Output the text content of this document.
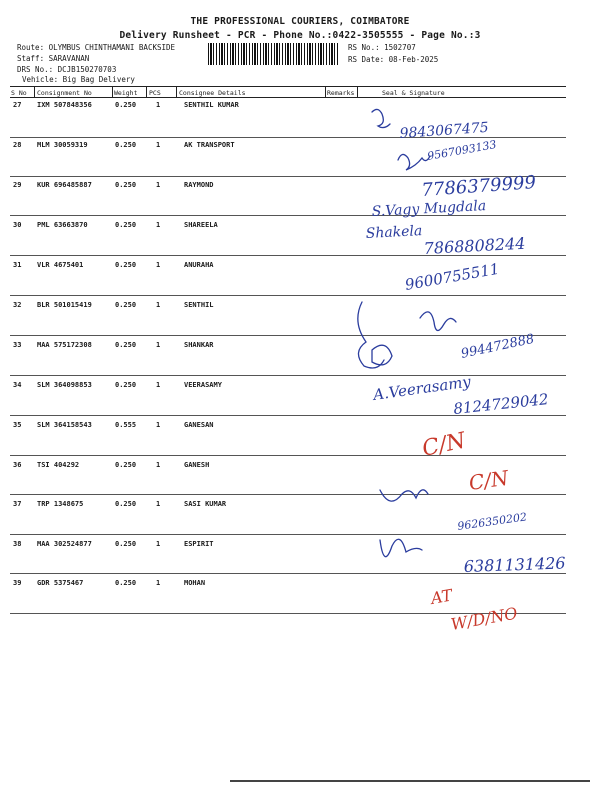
THE PROFESSIONAL COURIERS, COIMBATORE
Delivery Runsheet - PCR - Phone No.:0422-3505555 - Page No.:3
Route: OLYMBUS CHINTHAMANI BACKSIDE
Staff: SARAVANAN
DRS No.: DCJB150270703
Vehicle: Big Bag Delivery
RS No.: 1502707
RS Date: 08-Feb-2025
S No Consignment No	Weight PCS	Consignee Details	Remarks	Seal & Signature
27 IXM 507848356	0.250	1	SENTHIL KUMAR
28 MLM 30059319	0.250	1	AK TRANSPORT
29 KUR 696485887	0.250	1	RAYMOND
30 PML 63663870	0.250	1	SHAREELA
31 VLR 4675401	0.250	1	ANURAHA
32 BLR 501015419	0.250	1	SENTHIL
33 MAA 575172308	0.250	1	SHANKAR
34 SLM 364098853	0.250	1	VEERASAMY
35 SLM 364158543	0.555	1	GANESAN
36 TSI 404292	0.250	1	GANESH
37 TRP 1348675	0.250	1	SASI KUMAR
38 MAA 302524877	0.250	1	ESPIRIT
39 GDR 5375467	0.250	1	MOHAN
9843067475
9567093133
7786379999
S.Vagy Mugdala
Shakela
7868808244
9600755511
994472888
A.Veerasamy
8124729042
9626350202
6381131426
C/N
C/N
AT
W/D/NO
